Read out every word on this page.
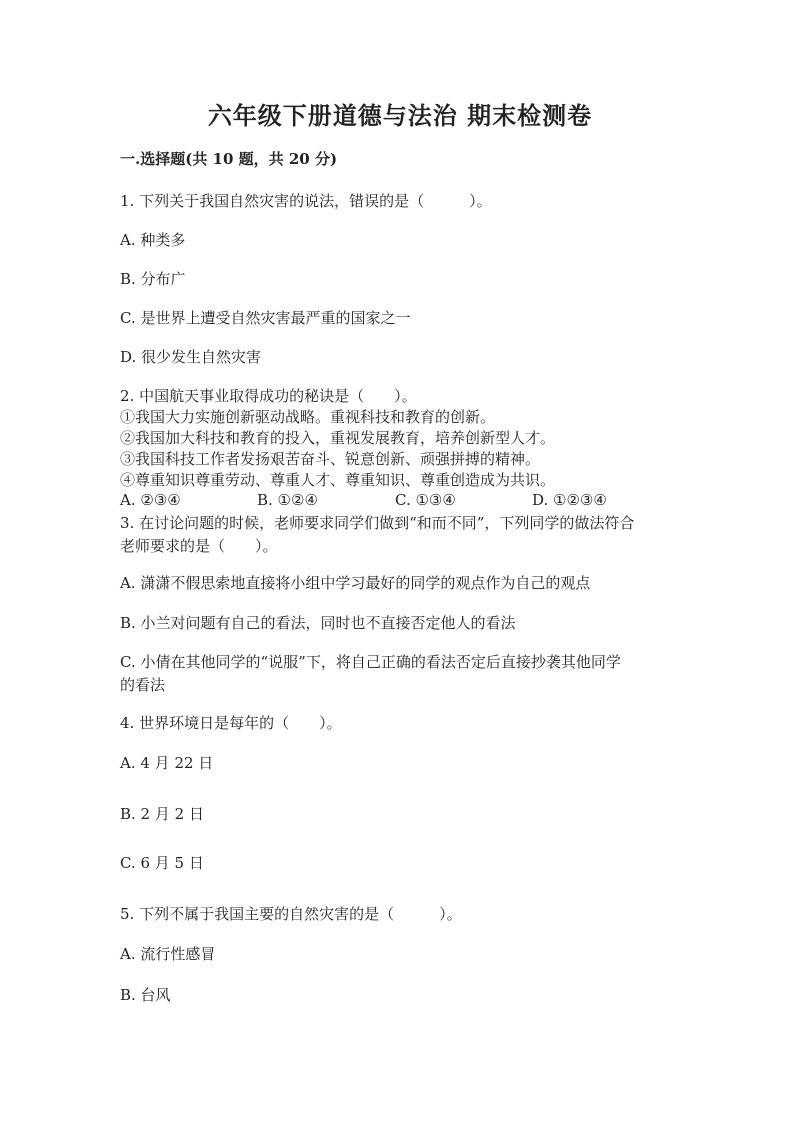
六年级下册道德与法治 期末检测卷
一.选择题(共 10 题，共 20 分)
1. 下列关于我国自然灾害的说法，错误的是（　　　）。
A. 种类多
B. 分布广
C. 是世界上遭受自然灾害最严重的国家之一
D. 很少发生自然灾害
2. 中国航天事业取得成功的秘诀是（　　）。
①我国大力实施创新驱动战略。重视科技和教育的创新。
②我国加大科技和教育的投入，重视发展教育，培养创新型人才。
③我国科技工作者发扬艰苦奋斗、锐意创新、顽强拼搏的精神。
④尊重知识尊重劳动、尊重人才、尊重知识、尊重创造成为共识。
A. ②③④	B. ①②④	C. ①③④	D. ①②③④
3. 在讨论问题的时候，老师要求同学们做到“和而不同”，下列同学的做法符合
老师要求的是（　　）。
A. 潇潇不假思索地直接将小组中学习最好的同学的观点作为自己的观点
B. 小兰对问题有自己的看法，同时也不直接否定他人的看法
C. 小倩在其他同学的“说服”下，将自己正确的看法否定后直接抄袭其他同学
的看法
4. 世界环境日是每年的（　　）。
A. 4 月 22 日
B. 2 月 2 日
C. 6 月 5 日
5. 下列不属于我国主要的自然灾害的是（　　　）。
A. 流行性感冒
B. 台风
